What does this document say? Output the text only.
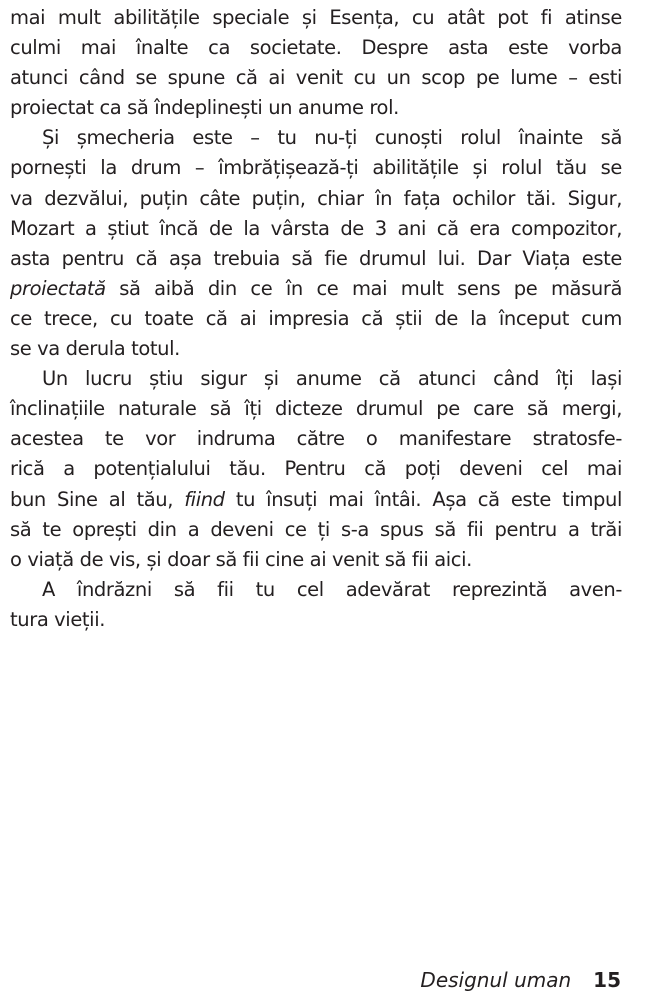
mai mult abilitățile speciale și Esența, cu atât pot fi atinse
culmi mai înalte ca societate. Despre asta este vorba
atunci când se spune că ai venit cu un scop pe lume – esti
proiectat ca să îndeplinești un anume rol.
Și șmecheria este – tu nu-ți cunoști rolul înainte să
pornești la drum – îmbrățișează-ți abilitățile și rolul tău se
va dezvălui, puțin câte puțin, chiar în fața ochilor tăi. Sigur,
Mozart a știut încă de la vârsta de 3 ani că era compozitor,
asta pentru că așa trebuia să fie drumul lui. Dar Viața este
proiectată să aibă din ce în ce mai mult sens pe măsură
ce trece, cu toate că ai impresia că știi de la început cum
se va derula totul.
Un lucru știu sigur și anume că atunci când îți lași
înclinațiile naturale să îți dicteze drumul pe care să mergi,
acestea te vor indruma către o manifestare stratosfe-
rică a potențialului tău. Pentru că poți deveni cel mai
bun Sine al tău, fiind tu însuți mai întâi. Așa că este timpul
să te oprești din a deveni ce ți s-a spus să fii pentru a trăi
o viață de vis, și doar să fii cine ai venit să fii aici.
A îndrăzni să fii tu cel adevărat reprezintă aven-
tura vieții.
Designul uman 15
